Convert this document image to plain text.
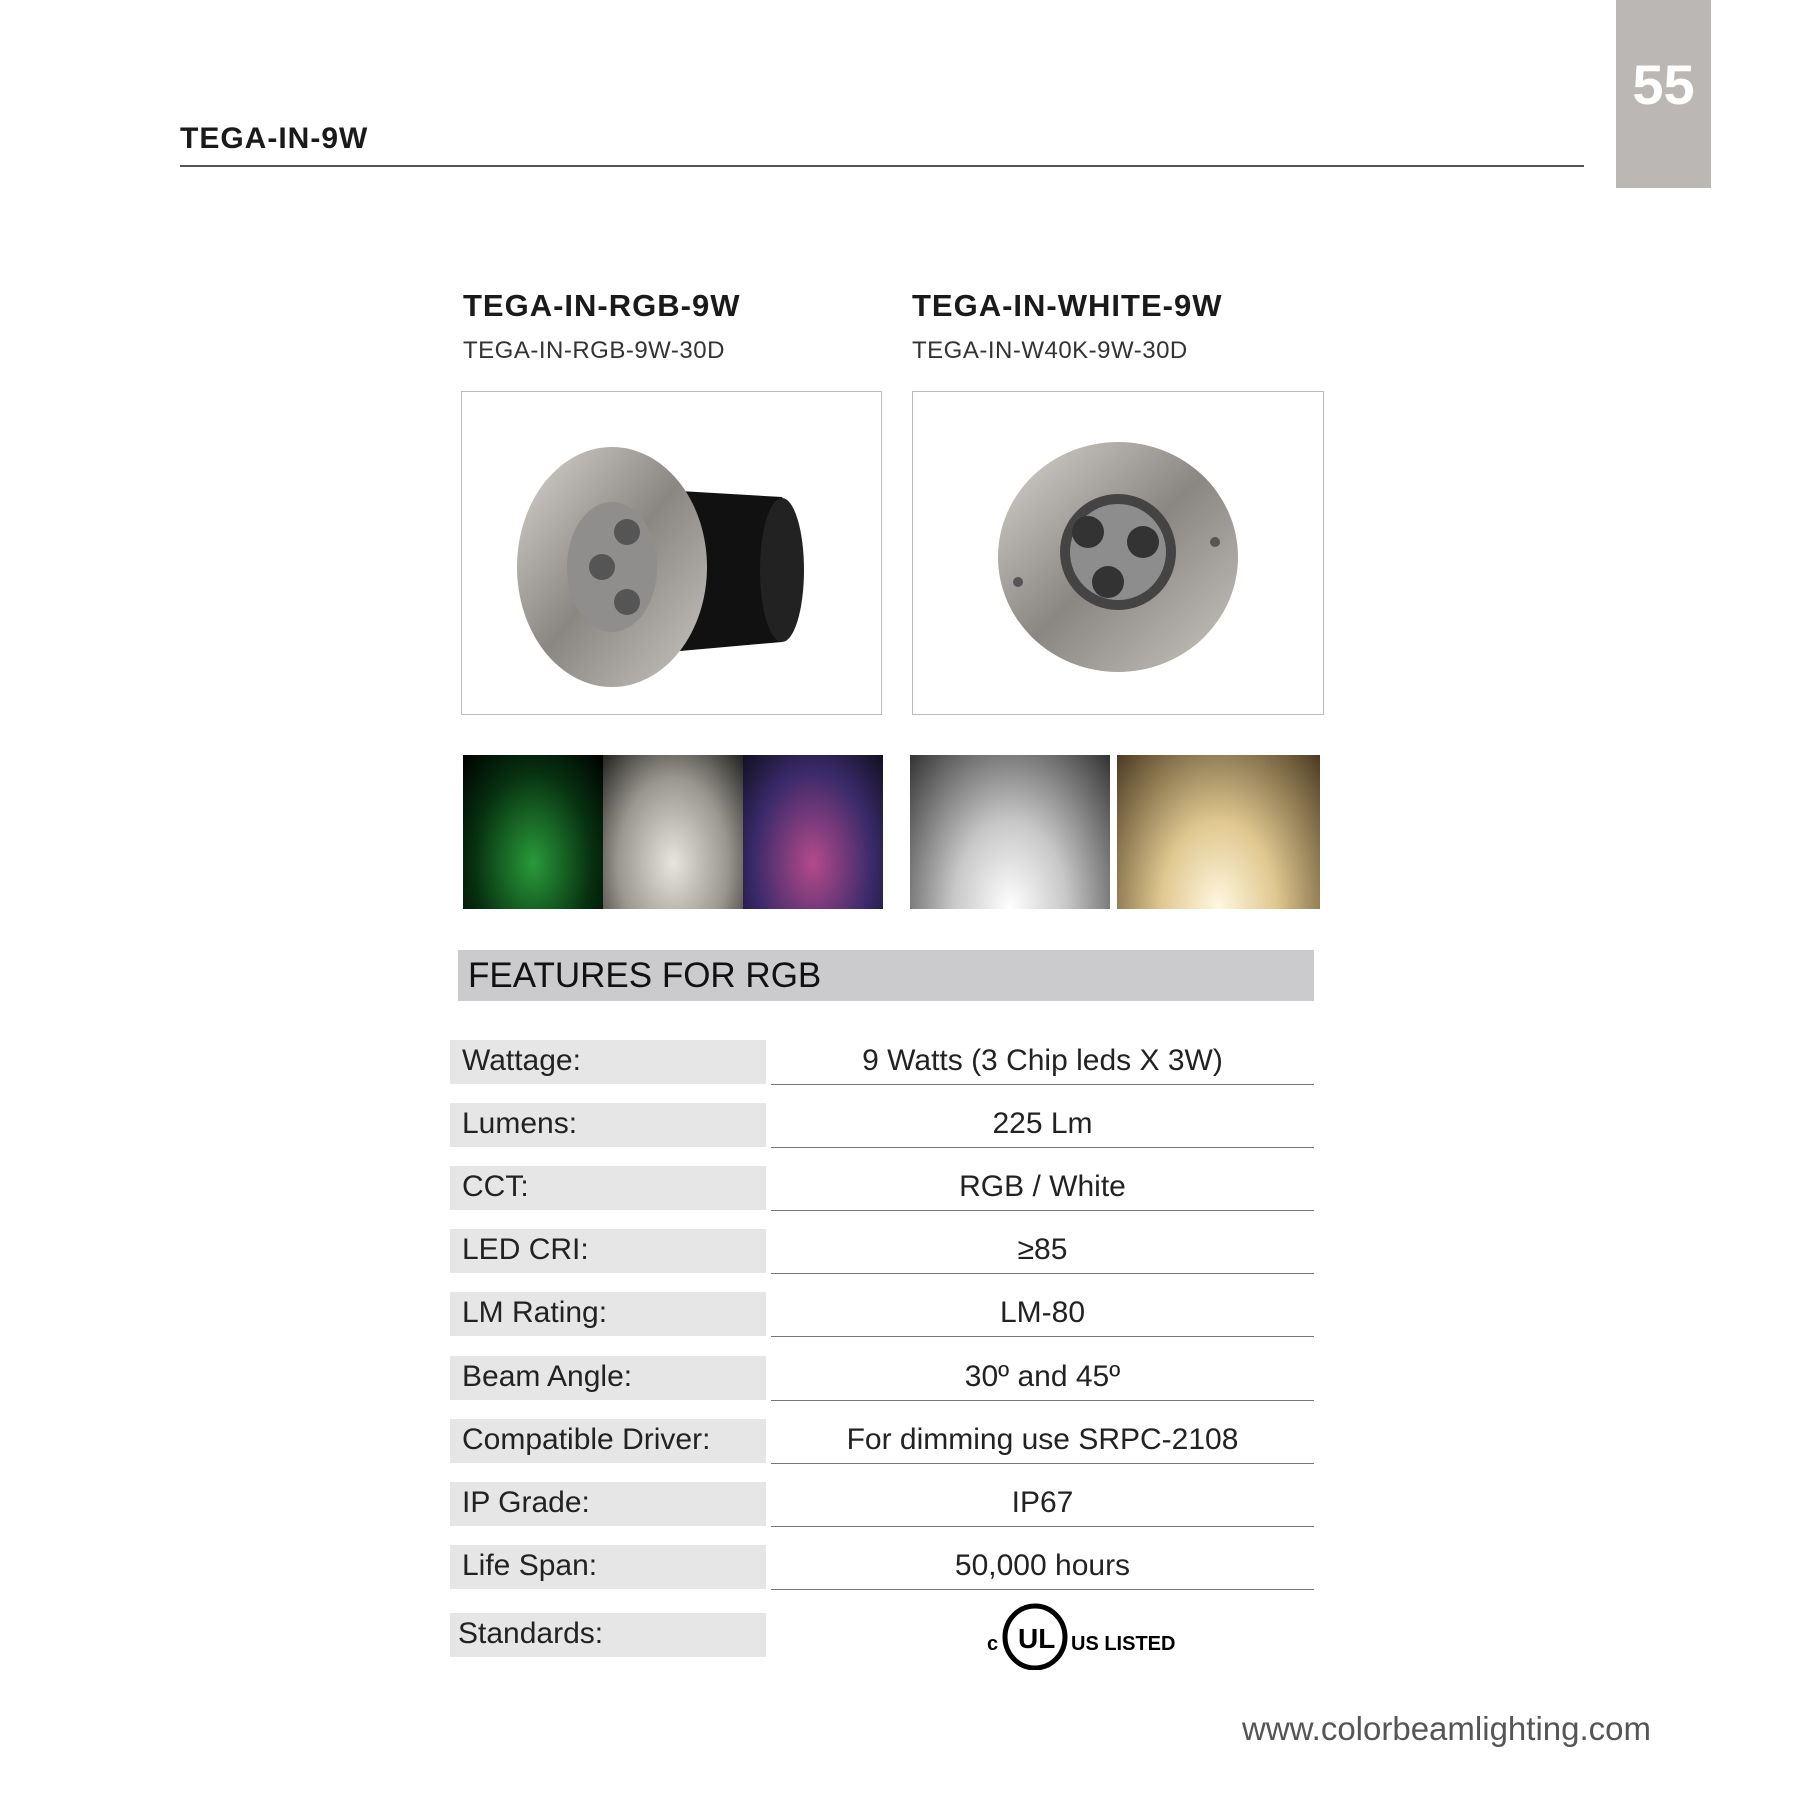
TEGA-IN-9W
55
TEGA-IN-RGB-9W
TEGA-IN-RGB-9W-30D
TEGA-IN-WHITE-9W
TEGA-IN-W40K-9W-30D
FEATURES FOR RGB
Wattage:	9 Watts (3 Chip leds X 3W)
Lumens:	225 Lm
CCT:	RGB / White
LED CRI:	≥85
LM Rating:	LM-80
Beam Angle:	30º and 45º
Compatible Driver:	For dimming use SRPC-2108
IP Grade:	IP67
Life Span:	50,000 hours
Standards:	c UL US LISTED
www.colorbeamlighting.com
